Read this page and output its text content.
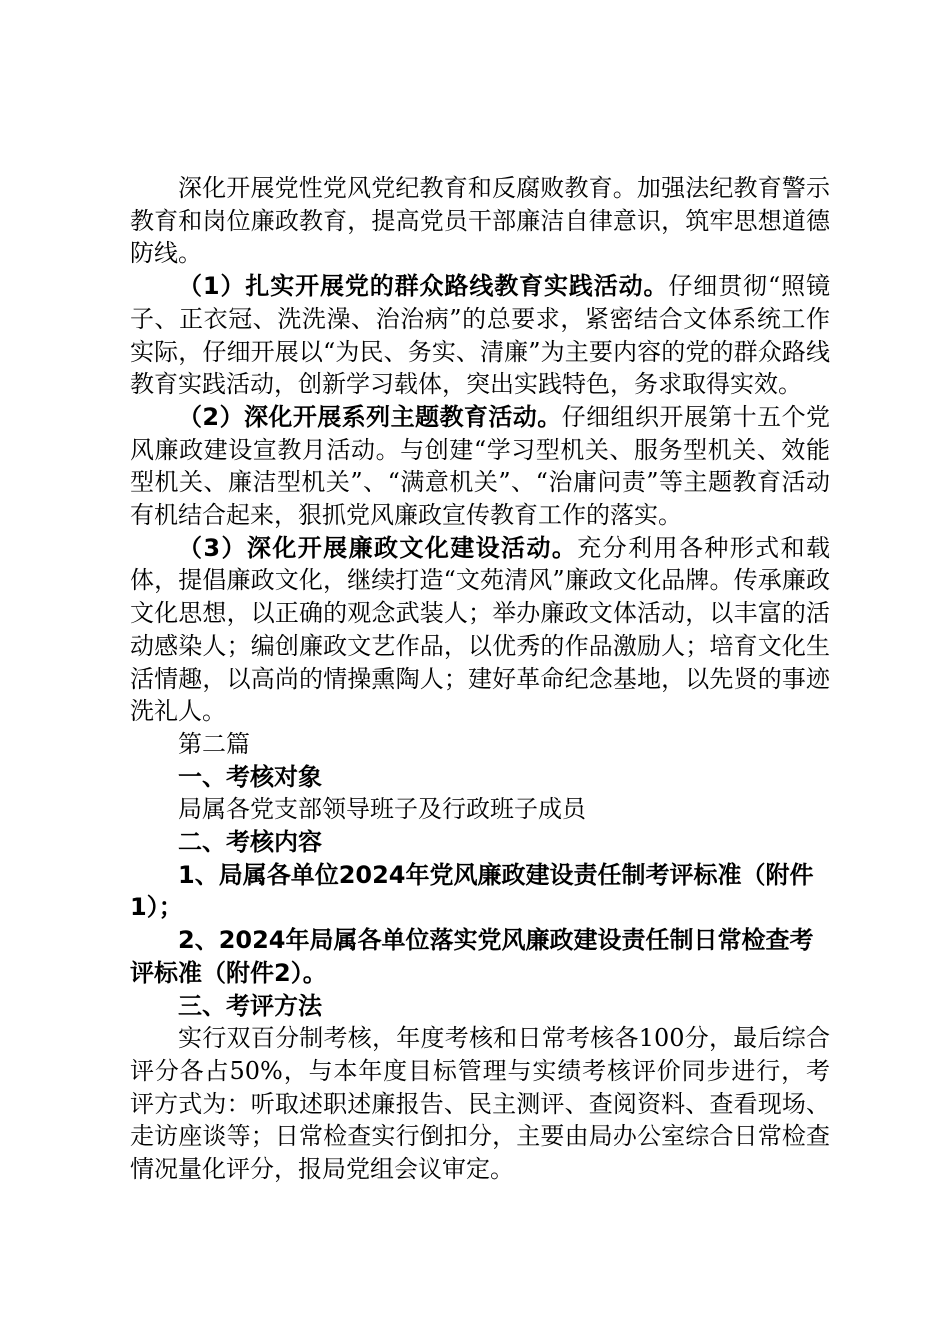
深化开展党性党风党纪教育和反腐败教育。加强法纪教育警示教育和岗位廉政教育，提高党员干部廉洁自律意识，筑牢思想道德防线。

（1）扎实开展党的群众路线教育实践活动。仔细贯彻“照镜子、正衣冠、洗洗澡、治治病”的总要求，紧密结合文体系统工作实际，仔细开展以“为民、务实、清廉”为主要内容的党的群众路线教育实践活动，创新学习载体，突出实践特色，务求取得实效。

（2）深化开展系列主题教育活动。仔细组织开展第十五个党风廉政建设宣教月活动。与创建“学习型机关、服务型机关、效能型机关、廉洁型机关”、“满意机关”、“治庸问责”等主题教育活动有机结合起来，狠抓党风廉政宣传教育工作的落实。

（3）深化开展廉政文化建设活动。充分利用各种形式和载体，提倡廉政文化，继续打造“文苑清风”廉政文化品牌。传承廉政文化思想，以正确的观念武装人；举办廉政文体活动，以丰富的活动感染人；编创廉政文艺作品，以优秀的作品激励人；培育文化生活情趣，以高尚的情操熏陶人；建好革命纪念基地，以先贤的事迹洗礼人。

第二篇

一、考核对象

局属各党支部领导班子及行政班子成员

二、考核内容

1、局属各单位2024年党风廉政建设责任制考评标准（附件1）；

2、2024年局属各单位落实党风廉政建设责任制日常检查考评标准（附件2）。

三、考评方法

实行双百分制考核，年度考核和日常考核各100分，最后综合评分各占50%，与本年度目标管理与实绩考核评价同步进行，考评方式为：听取述职述廉报告、民主测评、查阅资料、查看现场、走访座谈等；日常检查实行倒扣分，主要由局办公室综合日常检查情况量化评分，报局党组会议审定。
